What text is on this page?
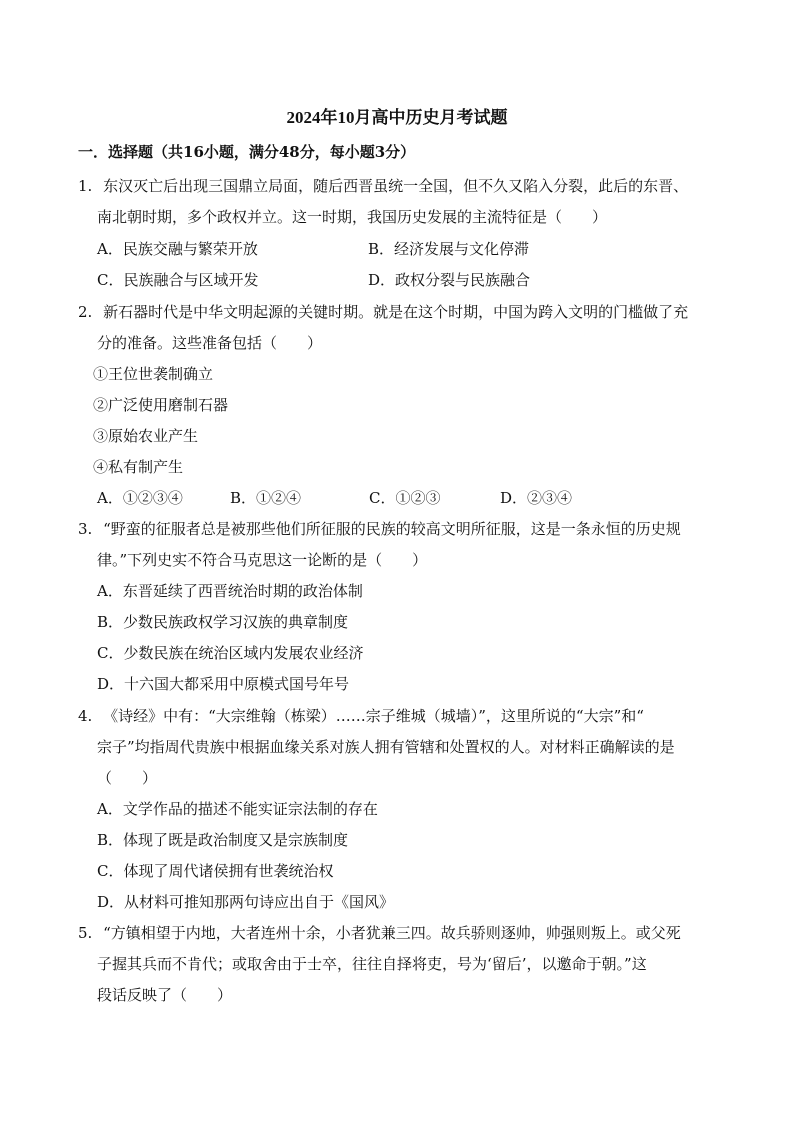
2024年10月高中历史月考试题
一．选择题（共16小题，满分48分，每小题3分）
1. 东汉灭亡后出现三国鼎立局面，随后西晋虽统一全国，但不久又陷入分裂，此后的东晋、
南北朝时期，多个政权并立。这一时期，我国历史发展的主流特征是（　　）
A．民族交融与繁荣开放	B．经济发展与文化停滞
C．民族融合与区域开发	D．政权分裂与民族融合
2. 新石器时代是中华文明起源的关键时期。就是在这个时期，中国为跨入文明的门槛做了充
分的准备。这些准备包括（　　）
①王位世袭制确立
②广泛使用磨制石器
③原始农业产生
④私有制产生
A．①②③④	B．①②④	C．①②③	D．②③④
3. “野蛮的征服者总是被那些他们所征服的民族的较高文明所征服，这是一条永恒的历史规
律。”下列史实不符合马克思这一论断的是（　　）
A．东晋延续了西晋统治时期的政治体制
B．少数民族政权学习汉族的典章制度
C．少数民族在统治区域内发展农业经济
D．十六国大都采用中原模式国号年号
4. 《诗经》中有：“大宗维翰（栋梁）……宗子维城（城墙）”，这里所说的“大宗”和“
宗子”均指周代贵族中根据血缘关系对族人拥有管辖和处置权的人。对材料正确解读的是
（　　）
A．文学作品的描述不能实证宗法制的存在
B．体现了既是政治制度又是宗族制度
C．体现了周代诸侯拥有世袭统治权
D．从材料可推知那两句诗应出自于《国风》
5. “方镇相望于内地，大者连州十余，小者犹兼三四。故兵骄则逐帅，帅强则叛上。或父死
子握其兵而不肯代；或取舍由于士卒，往往自择将吏，号为‘留后’，以邀命于朝。”这
段话反映了（　　）
